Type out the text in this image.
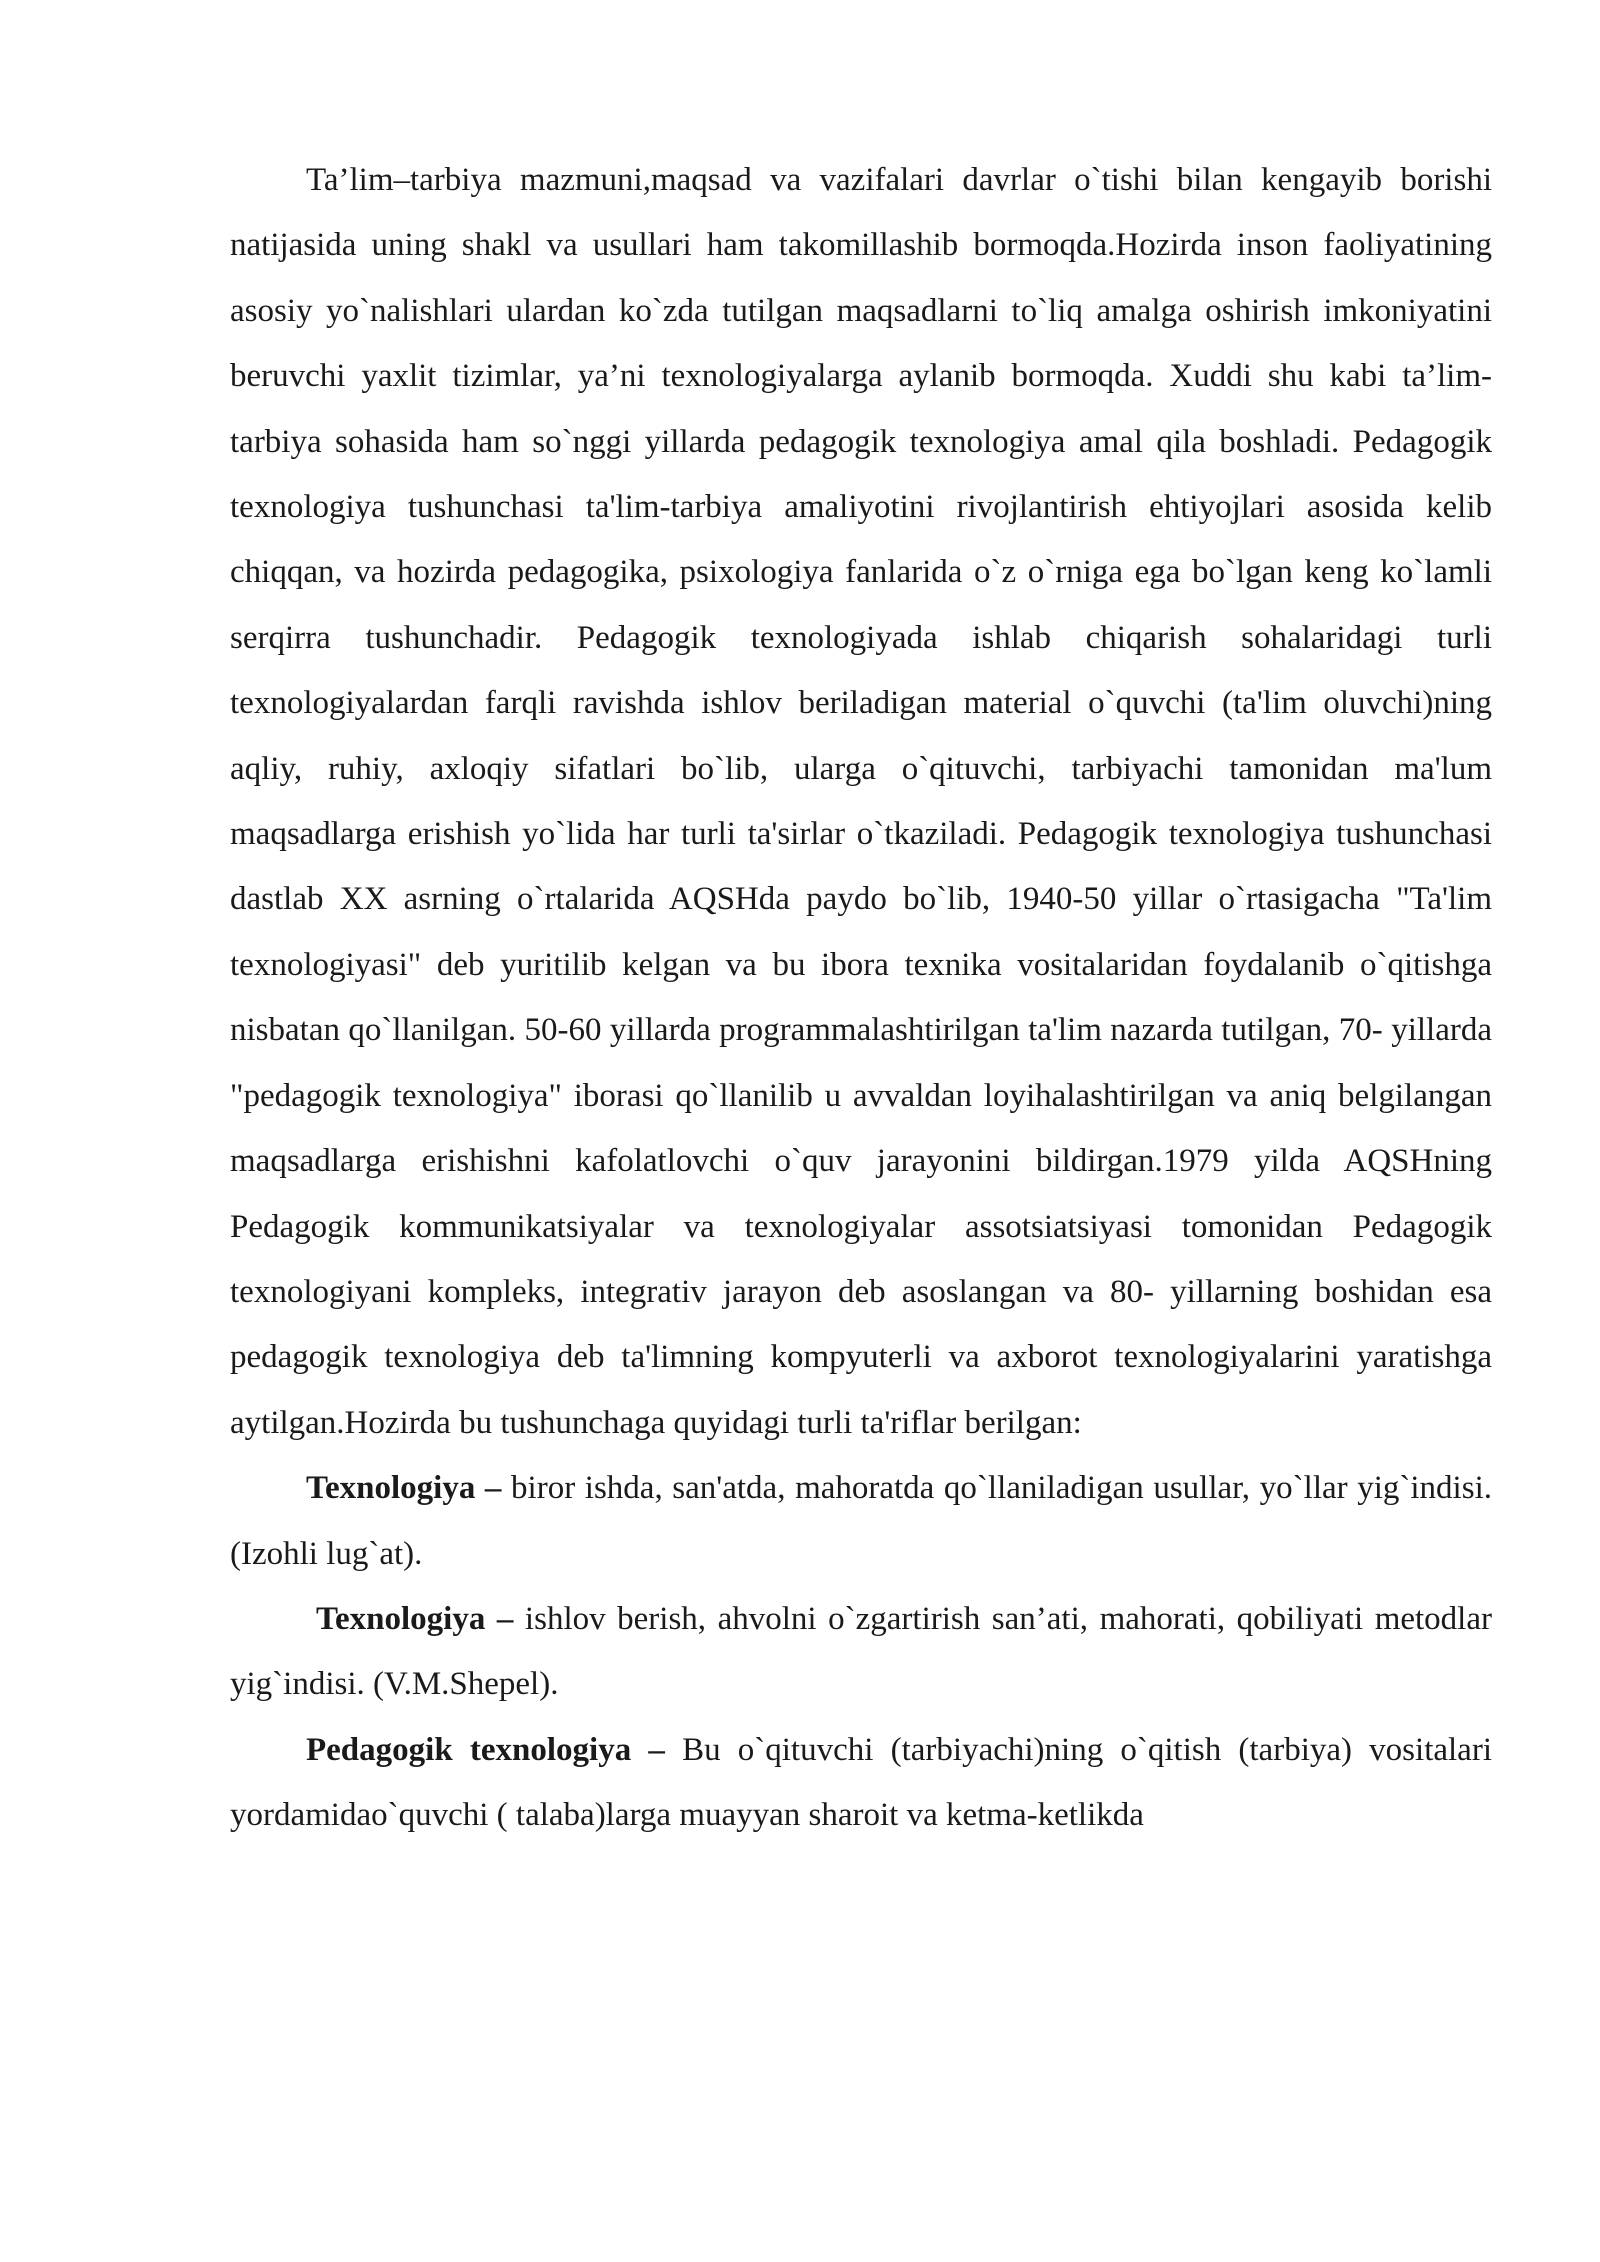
Ta’lim–tarbiya mazmuni,maqsad va vazifalari davrlar o`tishi bilan kengayib borishi natijasida uning shakl va usullari ham takomillashib bormoqda.Hozirda inson faoliyatining asosiy yo`nalishlari ulardan ko`zda tutilgan maqsadlarni to`liq amalga oshirish imkoniyatini beruvchi yaxlit tizimlar, ya’ni texnologiyalarga aylanib bormoqda. Xuddi shu kabi ta’lim-tarbiya sohasida ham so`nggi yillarda pedagogik texnologiya amal qila boshladi. Pedagogik texnologiya tushunchasi ta'lim-tarbiya amaliyotini rivojlantirish ehtiyojlari asosida kelib chiqqan, va hozirda pedagogika, psixologiya fanlarida o`z o`rniga ega bo`lgan keng ko`lamli serqirra tushunchadir. Pedagogik texnologiyada ishlab chiqarish sohalaridagi turli texnologiyalardan farqli ravishda ishlov beriladigan material o`quvchi (ta'lim oluvchi)ning aqliy, ruhiy, axloqiy sifatlari bo`lib, ularga o`qituvchi, tarbiyachi tamonidan ma'lum maqsadlarga erishish yo`lida har turli ta'sirlar o`tkaziladi. Pedagogik texnologiya tushunchasi dastlab XX asrning o`rtalarida AQSHda paydo bo`lib, 1940-50 yillar o`rtasigacha "Ta'lim texnologiyasi" deb yuritilib kelgan va bu ibora texnika vositalaridan foydalanib o`qitishga nisbatan qo`llanilgan. 50-60 yillarda programmalashtirilgan ta'lim nazarda tutilgan, 70- yillarda "pedagogik texnologiya" iborasi qo`llanilib u avvaldan loyihalashtirilgan va aniq belgilangan maqsadlarga erishishni kafolatlovchi o`quv jarayonini bildirgan.1979 yilda AQSHning Pedagogik kommunikatsiyalar va texnologiyalar assotsiatsiyasi tomonidan Pedagogik texnologiyani kompleks, integrativ jarayon deb asoslangan va 80- yillarning boshidan esa pedagogik texnologiya deb ta'limning kompyuterli va axborot texnologiyalarini yaratishga aytilgan.Hozirda bu tushunchaga quyidagi turli ta'riflar berilgan:

Texnologiya – biror ishda, san'atda, mahoratda qo`llaniladigan usullar, yo`llar yig`indisi. (Izohli lug`at).

Texnologiya – ishlov berish, ahvolni o`zgartirish san’ati, mahorati, qobiliyati metodlar yig`indisi. (V.M.Shepel).

Pedagogik texnologiya – Bu o`qituvchi (tarbiyachi)ning o`qitish (tarbiya) vositalari yordamidao`quvchi ( talaba)larga muayyan sharoit va ketma-ketlikda
